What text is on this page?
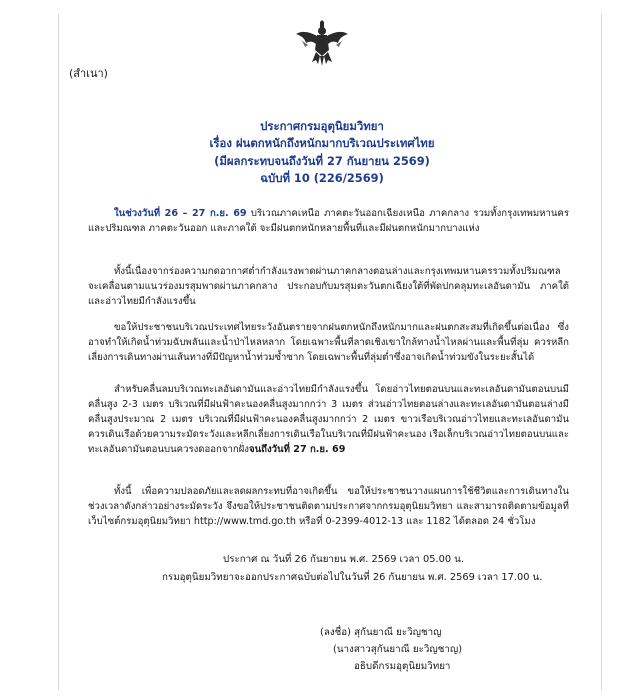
(สำเนา)
ประกาศกรมอุตุนิยมวิทยา
เรื่อง ฝนตกหนักถึงหนักมากบริเวณประเทศไทย
(มีผลกระทบจนถึงวันที่ 27 กันยายน 2569)
ฉบับที่ 10 (226/2569)
ในช่วงวันที่ 26 – 27 ก.ย. 69 บริเวณภาคเหนือ ภาคตะวันออกเฉียงเหนือ ภาคกลาง รวมทั้งกรุงเทพมหานครและปริมณฑล ภาคตะวันออก และภาคใต้ จะมีฝนตกหนักหลายพื้นที่และมีฝนตกหนักมากบางแห่ง
ทั้งนี้เนื่องจากร่องความกดอากาศต่ำกำลังแรงพาดผ่านภาคกลางตอนล่างและกรุงเทพมหานครรวมทั้งปริมณฑล จะเคลื่อนตามแนวร่องมรสุมพาดผ่านภาคกลาง ประกอบกับมรสุมตะวันตกเฉียงใต้ที่พัดปกคลุมทะเลอันดามัน ภาคใต้และอ่าวไทยมีกำลังแรงขึ้น
ขอให้ประชาชนบริเวณประเทศไทยระวังอันตรายจากฝนตกหนักถึงหนักมากและฝนตกสะสมที่เกิดขึ้นต่อเนื่อง ซึ่งอาจทำให้เกิดน้ำท่วมฉับพลันและน้ำป่าไหลหลาก โดยเฉพาะพื้นที่ลาดเชิงเขาใกล้ทางน้ำไหลผ่านและพื้นที่ลุ่ม ควรหลีกเลี่ยงการเดินทางผ่านเส้นทางที่มีปัญหาน้ำท่วมซ้ำซาก โดยเฉพาะพื้นที่ลุ่มต่ำซึ่งอาจเกิดน้ำท่วมขังในระยะสั้นได้
สำหรับคลื่นลมบริเวณทะเลอันดามันและอ่าวไทยมีกำลังแรงขึ้น โดยอ่าวไทยตอนบนและทะเลอันดามันตอนบนมีคลื่นสูง 2-3 เมตร บริเวณที่มีฝนฟ้าคะนองคลื่นสูงมากกว่า 3 เมตร ส่วนอ่าวไทยตอนล่างและทะเลอันดามันตอนล่างมีคลื่นสูงประมาณ 2 เมตร บริเวณที่มีฝนฟ้าคะนองคลื่นสูงมากกว่า 2 เมตร ขาวเรือบริเวณอ่าวไทยและทะเลอันดามันควรเดินเรือด้วยความระมัดระวังและหลีกเลี่ยงการเดินเรือในบริเวณที่มีฝนฟ้าคะนอง เรือเล็กบริเวณอ่าวไทยตอนบนและทะเลอันดามันตอนบนควรงดออกจากฝั่งจนถึงวันที่ 27 ก.ย. 69
ทั้งนี้ เพื่อความปลอดภัยและลดผลกระทบที่อาจเกิดขึ้น ขอให้ประชาชนวางแผนการใช้ชีวิตและการเดินทางในช่วงเวลาดังกล่าวอย่างระมัดระวัง จึงขอให้ประชาชนติดตามประกาศจากกรมอุตุนิยมวิทยา และสามารถติดตามข้อมูลที่เว็บไซต์กรมอุตุนิยมวิทยา http://www.tmd.go.th หรือที่ 0-2399-4012-13 และ 1182 ได้ตลอด 24 ชั่วโมง
ประกาศ ณ วันที่ 26 กันยายน พ.ศ. 2569 เวลา 05.00 น.
กรมอุตุนิยมวิทยาจะออกประกาศฉบับต่อไปในวันที่ 26 กันยายน พ.ศ. 2569 เวลา 17.00 น.
(ลงชื่อ) สุกันยาณี ยะวิญชาญ
(นางสาวสุกันยาณี ยะวิญชาญ)
อธิบดีกรมอุตุนิยมวิทยา
